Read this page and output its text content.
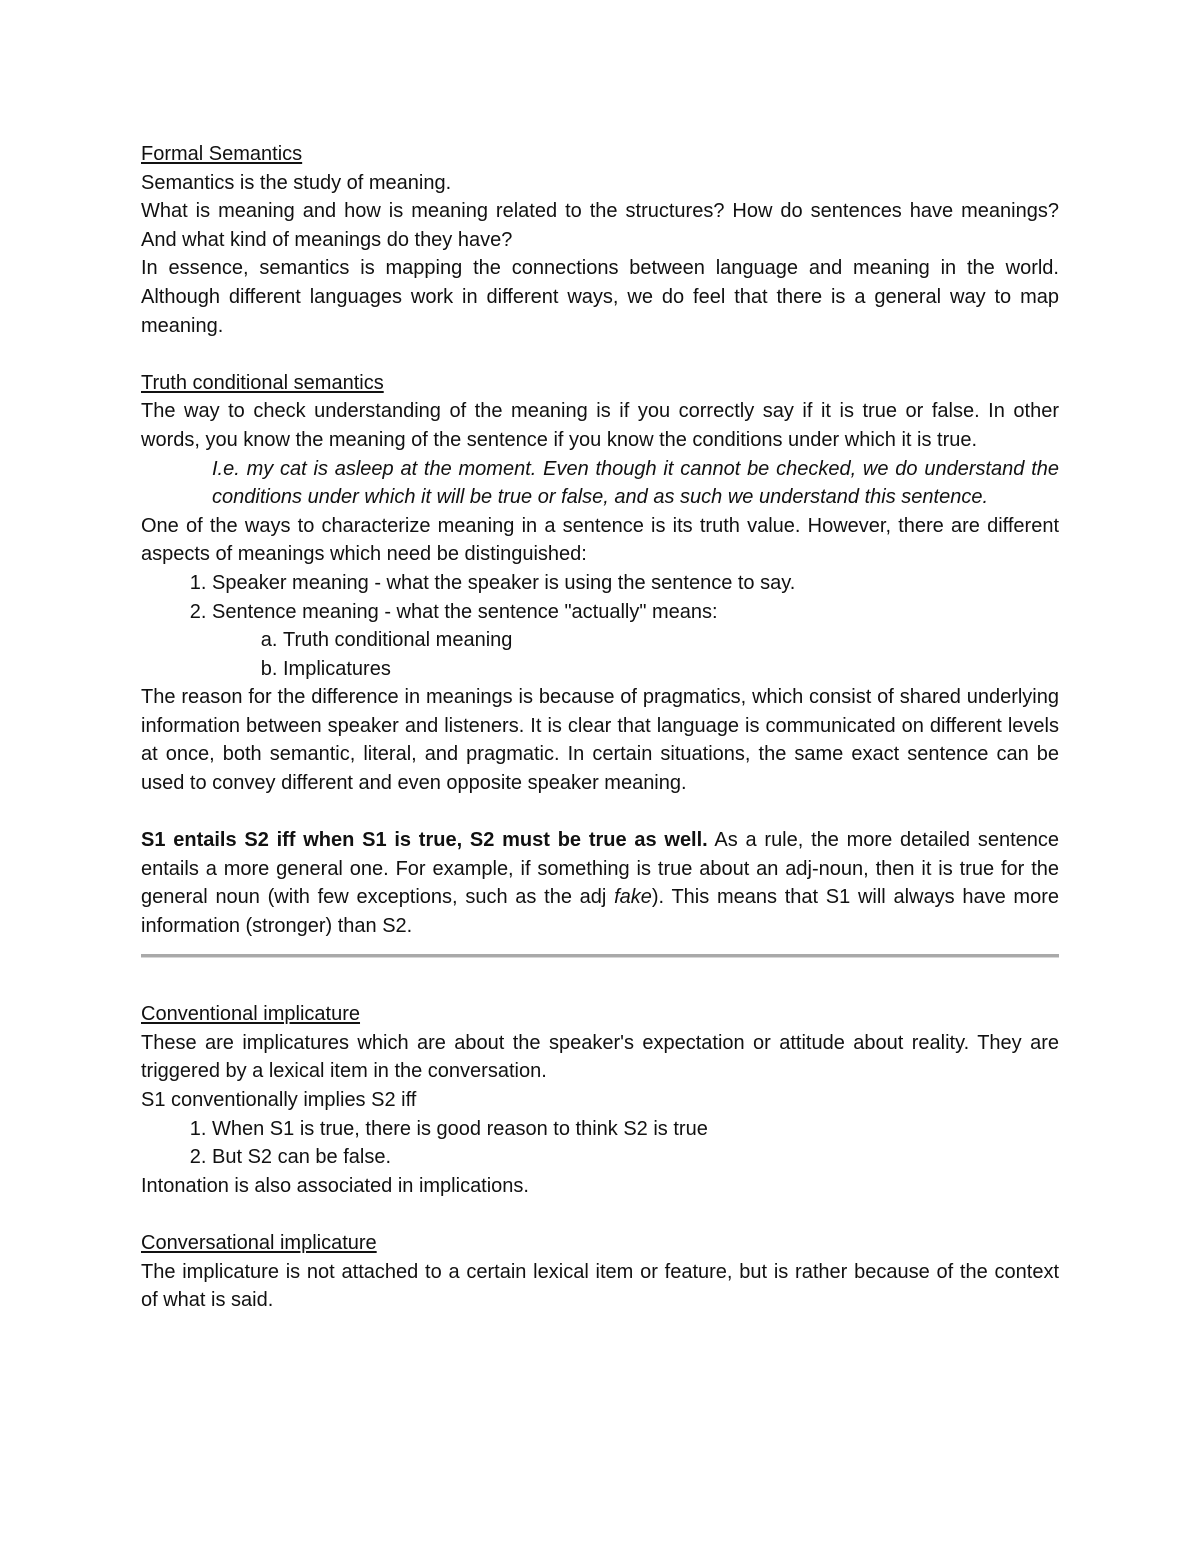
Formal Semantics

Semantics is the study of meaning.

What is meaning and how is meaning related to the structures? How do sentences have meanings? And what kind of meanings do they have?

In essence, semantics is mapping the connections between language and meaning in the world. Although different languages work in different ways, we do feel that there is a general way to map meaning.

Truth conditional semantics

The way to check understanding of the meaning is if you correctly say if it is true or false. In other words, you know the meaning of the sentence if you know the conditions under which it is true.

I.e. my cat is asleep at the moment. Even though it cannot be checked, we do understand the conditions under which it will be true or false, and as such we understand this sentence.

One of the ways to characterize meaning in a sentence is its truth value. However, there are different aspects of meanings which need be distinguished:

1. Speaker meaning - what the speaker is using the sentence to say.
2. Sentence meaning - what the sentence "actually" means:
a. Truth conditional meaning
b. Implicatures

The reason for the difference in meanings is because of pragmatics, which consist of shared underlying information between speaker and listeners. It is clear that language is communicated on different levels at once, both semantic, literal, and pragmatic. In certain situations, the same exact sentence can be used to convey different and even opposite speaker meaning.

S1 entails S2 iff when S1 is true, S2 must be true as well. As a rule, the more detailed sentence entails a more general one. For example, if something is true about an adj-noun, then it is true for the general noun (with few exceptions, such as the adj fake). This means that S1 will always have more information (stronger) than S2.

Conventional implicature

These are implicatures which are about the speaker's expectation or attitude about reality. They are triggered by a lexical item in the conversation.

S1 conventionally implies S2 iff

1. When S1 is true, there is good reason to think S2 is true
2. But S2 can be false.

Intonation is also associated in implications.

Conversational implicature

The implicature is not attached to a certain lexical item or feature, but is rather because of the context of what is said.
